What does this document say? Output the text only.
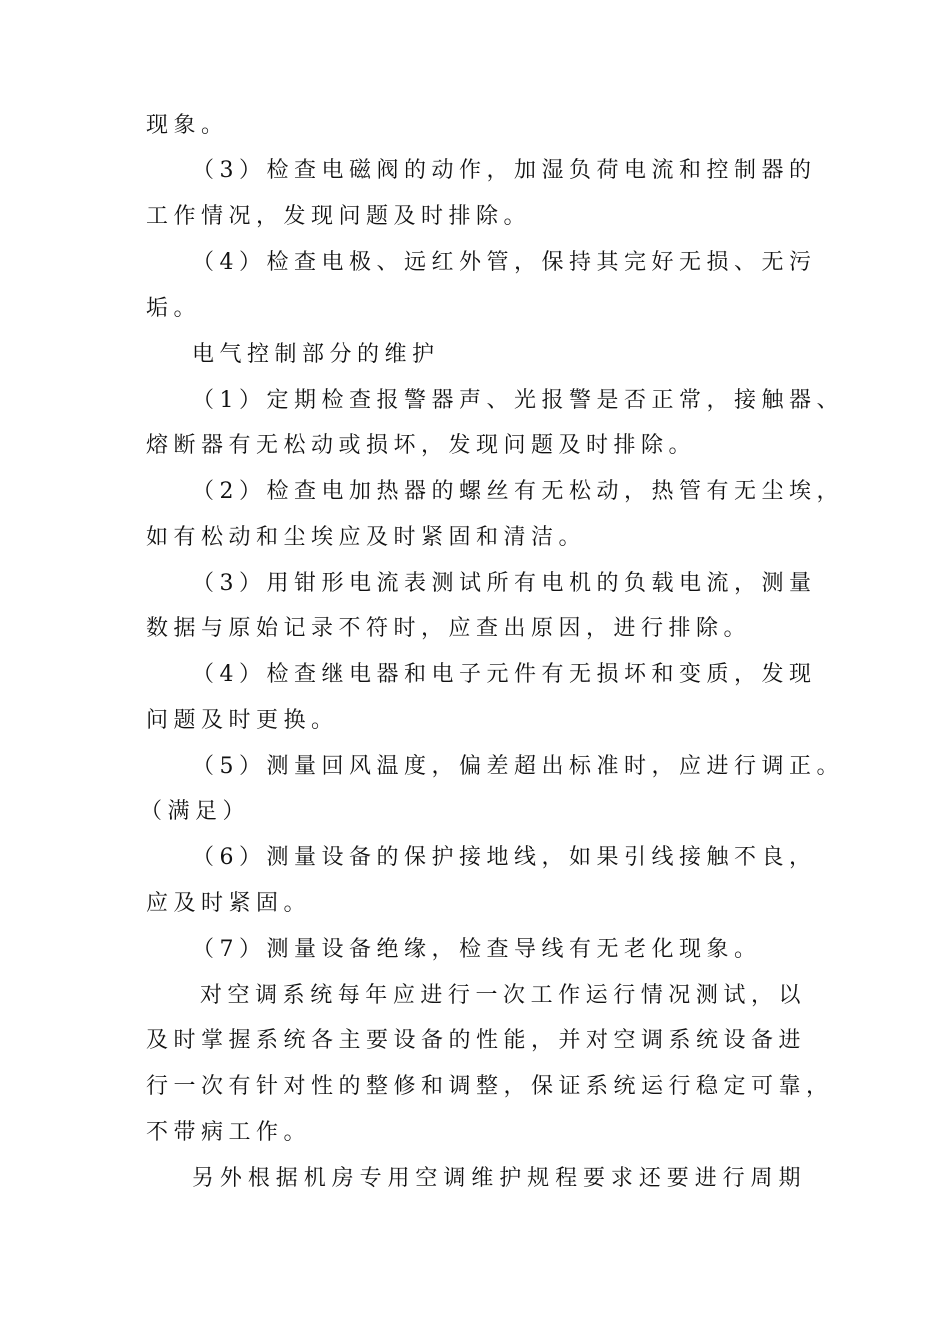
现象。
（3）检查电磁阀的动作，加湿负荷电流和控制器的
工作情况，发现问题及时排除。
（4）检查电极、远红外管，保持其完好无损、无污
垢。
电气控制部分的维护
（1）定期检查报警器声、光报警是否正常，接触器、
熔断器有无松动或损坏，发现问题及时排除。
（2）检查电加热器的螺丝有无松动，热管有无尘埃，
如有松动和尘埃应及时紧固和清洁。
（3）用钳形电流表测试所有电机的负载电流，测量
数据与原始记录不符时，应查出原因，进行排除。
（4）检查继电器和电子元件有无损坏和变质，发现
问题及时更换。
（5）测量回风温度，偏差超出标准时，应进行调正。
（满足）
（6）测量设备的保护接地线，如果引线接触不良，
应及时紧固。
（7）测量设备绝缘，检查导线有无老化现象。
对空调系统每年应进行一次工作运行情况测试，以
及时掌握系统各主要设备的性能，并对空调系统设备进
行一次有针对性的整修和调整，保证系统运行稳定可靠，
不带病工作。
另外根据机房专用空调维护规程要求还要进行周期
